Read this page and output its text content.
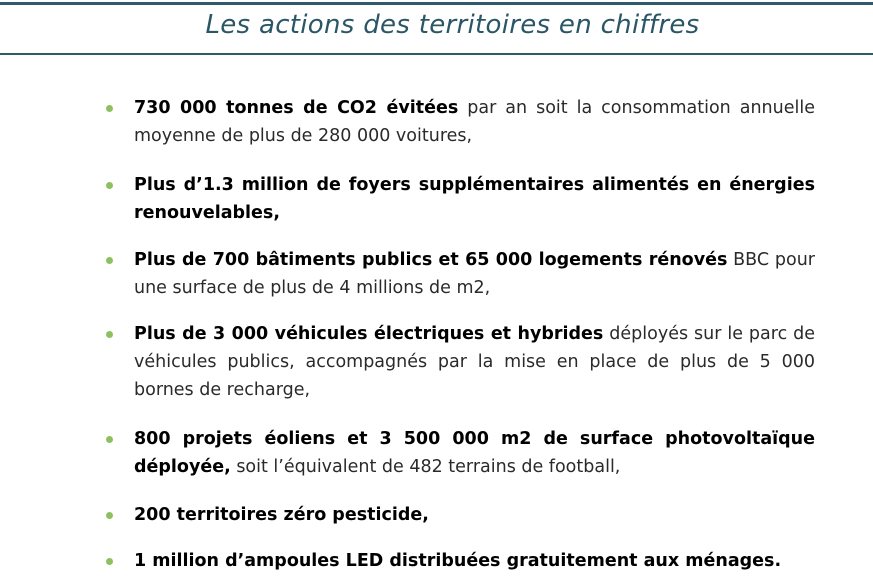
Les actions des territoires en chiffres
730 000 tonnes de CO2 évitées par an soit la consommation annuelle moyenne de plus de 280 000 voitures,
Plus d’1.3 million de foyers supplémentaires alimentés en énergies renouvelables,
Plus de 700 bâtiments publics et 65 000 logements rénovés BBC pour une surface de plus de 4 millions de m2,
Plus de 3 000 véhicules électriques et hybrides déployés sur le parc de véhicules publics, accompagnés par la mise en place de plus de 5 000 bornes de recharge,
800 projets éoliens et 3 500 000 m2 de surface photovoltaïque déployée, soit l’équivalent de 482 terrains de football,
200 territoires zéro pesticide,
1 million d’ampoules LED distribuées gratuitement aux ménages.
